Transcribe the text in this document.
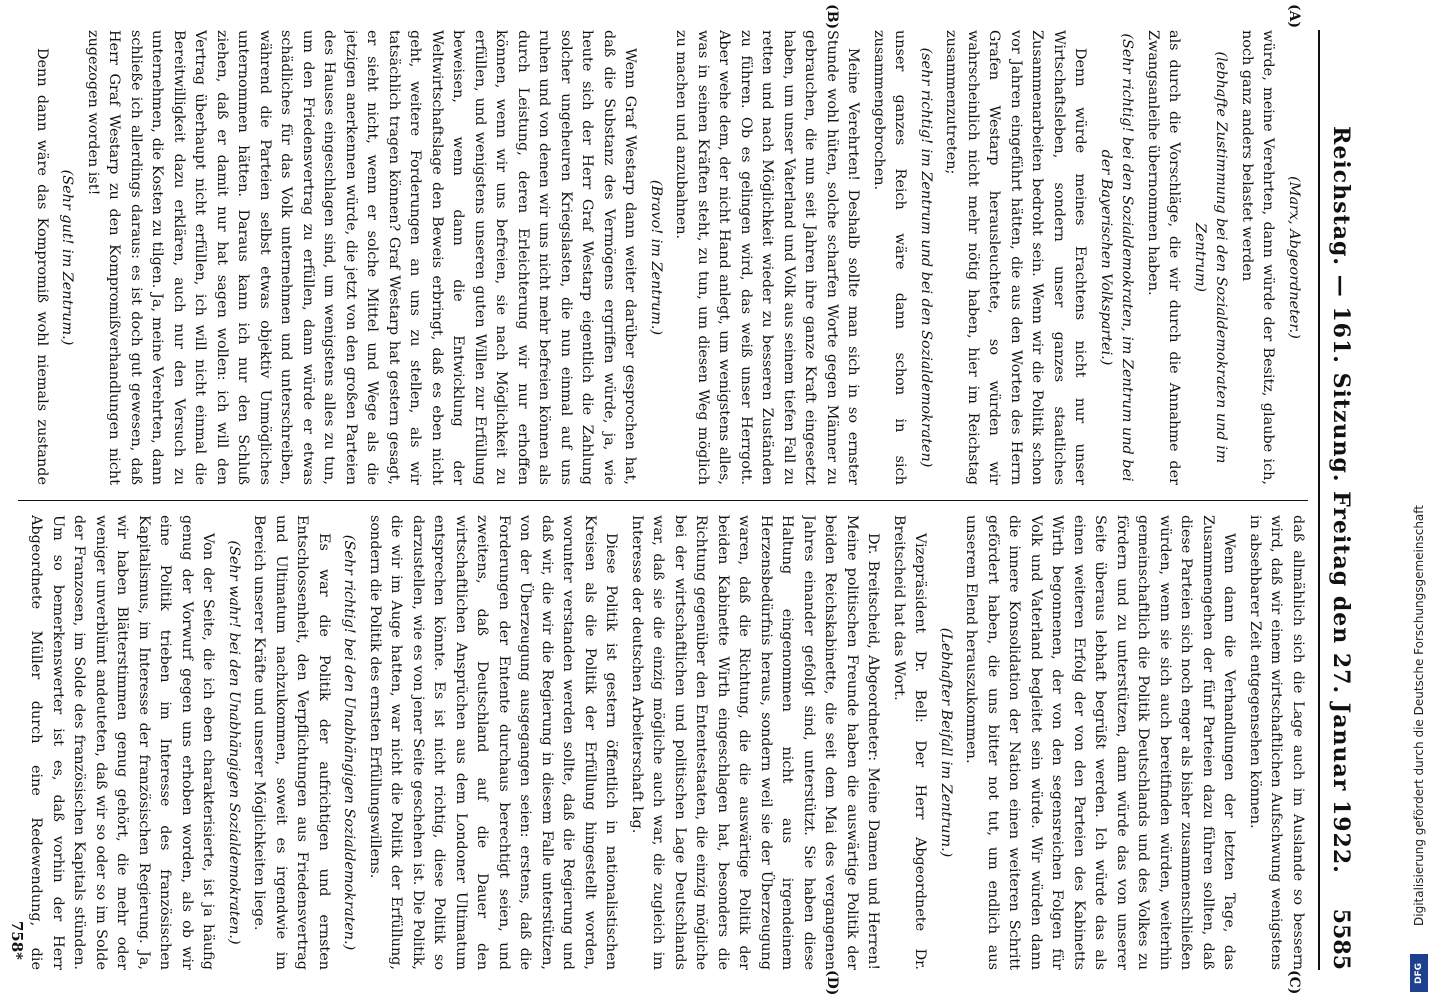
Reichstag. — 161. Sitzung. Freitag den 27. Januar 1922.
5585
(A)
(B)
(C)
(D)

(Marx, Abgeordneter.)

würde, meine Verehrten, dann würde der Besitz, glaube ich, noch ganz anders belastet werden

(lebhafte Zustimmung bei den Sozialdemokraten und im Zentrum)

als durch die Vorschläge, die wir durch die Annahme der Zwangsanleihe übernommen haben.

(Sehr richtig! bei den Sozialdemokraten, im Zentrum und bei der Bayerischen Volkspartei.)

Denn würde meines Erachtens nicht nur unser Wirtschaftsleben, sondern unser ganzes staatliches Zusammenarbeiten bedroht sein. Wenn wir die Politik schon vor Jahren eingeführt hätten, die aus den Worten des Herrn Grafen Westarp herausleuchtete, so würden wir wahrscheinlich nicht mehr nötig haben, hier im Reichstag zusammenzutreten;

(sehr richtig! im Zentrum und bei den Sozialdemokraten)

unser ganzes Reich wäre dann schon in sich zusammengebrochen.

Meine Verehrten! Deshalb sollte man sich in so ernster Stunde wohl hüten, solche scharfen Worte gegen Männer zu gebrauchen, die nun seit Jahren ihre ganze Kraft eingesetzt haben, um unser Vaterland und Volk aus seinem tiefen Fall zu retten und nach Möglichkeit wieder zu besseren Zuständen zu führen. Ob es gelingen wird, das weiß unser Herrgott. Aber wehe dem, der nicht Hand anlegt, um wenigstens alles, was in seinen Kräften steht, zu tun, um diesen Weg möglich zu machen und anzubahnen.

(Bravo! im Zentrum.)

Wenn Graf Westarp dann weiter darüber gesprochen hat, daß die Substanz des Vermögens ergriffen würde, ja, wie heute sich der Herr Graf Westarp eigentlich die Zahlung solcher ungeheuren Kriegslasten, die nun einmal auf uns ruhen und von denen wir uns nicht mehr befreien können als durch Leistung, deren Erleichterung wir nur erhoffen können, wenn wir uns befreien, sie nach Möglichkeit zu erfüllen, und wenigstens unseren guten Willen zur Erfüllung beweisen, wenn dann die Entwicklung der Weltwirtschaftslage den Beweis erbringt, daß es eben nicht geht, weitere Forderungen an uns zu stellen, als wir tatsächlich tragen können? Graf Westarp hat gestern gesagt, er sieht nicht, wenn er solche Mittel und Wege als die jetzigen anerkennen würde, die jetzt von den großen Parteien des Hauses eingeschlagen sind, um wenigstens alles zu tun, um den Friedensvertrag zu erfüllen, dann würde er etwas schädliches für das Volk unternehmen und unterschreiben, während die Parteien selbst etwas objektiv Unmögliches unternommen hätten. Daraus kann ich nur den Schluß ziehen, daß er damit nur hat sagen wollen: ich will den Vertrag überhaupt nicht erfüllen, ich will nicht einmal die Bereitwilligkeit dazu erklären, auch nur den Versuch zu unternehmen, die Kosten zu tilgen. Ja, meine Verehrten, dann schließe ich allerdings daraus: es ist doch gut gewesen, daß Herr Graf Westarp zu den Kompromißverhandlungen nicht zugezogen worden ist!

(Sehr gut! im Zentrum.)

Denn dann wäre das Kompromiß wohl niemals zustande

daß allmählich sich die Lage auch im Auslande so bessern wird, daß wir einem wirtschaftlichen Aufschwung wenigstens in absehbarer Zeit entgegensehen können.

Wenn dann die Verhandlungen der letzten Tage, das Zusammengehen der fünf Parteien dazu führen sollten, daß diese Parteien sich noch enger als bisher zusammenschließen würden, wenn sie sich auch bereitfinden würden, weiterhin gemeinschaftlich die Politik Deutschlands und des Volkes zu fördern und zu unterstützen, dann würde das von unserer Seite überaus lebhaft begrüßt werden. Ich würde das als einen weiteren Erfolg der von den Parteien des Kabinetts Wirth begonnenen, der von den segensreichen Folgen für Volk und Vaterland begleitet sein würde. Wir würden dann die innere Konsolidation der Nation einen weiteren Schritt gefördert haben, die uns bitter not tut, um endlich aus unserem Elend herauszukommen.

(Lebhafter Beifall im Zentrum.)

Vizepräsident Dr. Bell: Der Herr Abgeordnete Dr. Breitscheid hat das Wort.

Dr. Breitscheid, Abgeordneter: Meine Damen und Herren! Meine politischen Freunde haben die auswärtige Politik der beiden Reichskabinette, die seit dem Mai des vergangenen Jahres einander gefolgt sind, unterstützt. Sie haben diese Haltung eingenommen nicht aus irgendeinem Herzensbedürfnis heraus, sondern weil sie der Überzeugung waren, daß die Richtung, die die auswärtige Politik der beiden Kabinette Wirth eingeschlagen hat, besonders die Richtung gegenüber den Ententestaaten, die einzig mögliche bei der wirtschaftlichen und politischen Lage Deutschlands war, daß sie die einzig mögliche auch war, die zugleich im Interesse der deutschen Arbeiterschaft lag.

Diese Politik ist gestern öffentlich in nationalistischen Kreisen als die Politik der Erfüllung hingestellt worden, worunter verstanden werden sollte, daß die Regierung und daß wir, die wir die Regierung in diesem Falle unterstützen, von der Überzeugung ausgegangen seien: erstens, daß die Forderungen der Entente durchaus berechtigt seien, und zweitens, daß Deutschland auf die Dauer den wirtschaftlichen Ansprüchen aus dem Londoner Ultimatum entsprechen könnte. Es ist nicht richtig, diese Politik so darzustellen, wie es von jener Seite geschehen ist. Die Politik, die wir im Auge hatten, war nicht die Politik der Erfüllung, sondern die Politik des ernsten Erfüllungswillens.

(Sehr richtig! bei den Unabhängigen Sozialdemokraten.)

Es war die Politik der aufrichtigen und ernsten Entschlossenheit, den Verpflichtungen aus Friedensvertrag und Ultimatum nachzukommen, soweit es irgendwie im Bereich unserer Kräfte und unserer Möglichkeiten liege.

(Sehr wahr! bei den Unabhängigen Sozialdemokraten.)

Von der Seite, die ich eben charakterisierte, ist ja häufig genug der Vorwurf gegen uns erhoben worden, als ob wir eine Politik trieben im Interesse des französischen Kapitalismus, im Interesse der französischen Regierung. Ja, wir haben Blätterstimmen genug gehört, die mehr oder weniger unverblümt andeuteten, daß wir so oder so im Solde der Franzosen, im Solde des französischen Kapitals stünden. Um so bemerkenswerter ist es, daß vorhin der Herr Abgeordnete Müller durch eine Redewendung, die

758*
Digitalisierung gefördert durch die Deutsche Forschungsgemeinschaft
DFG
